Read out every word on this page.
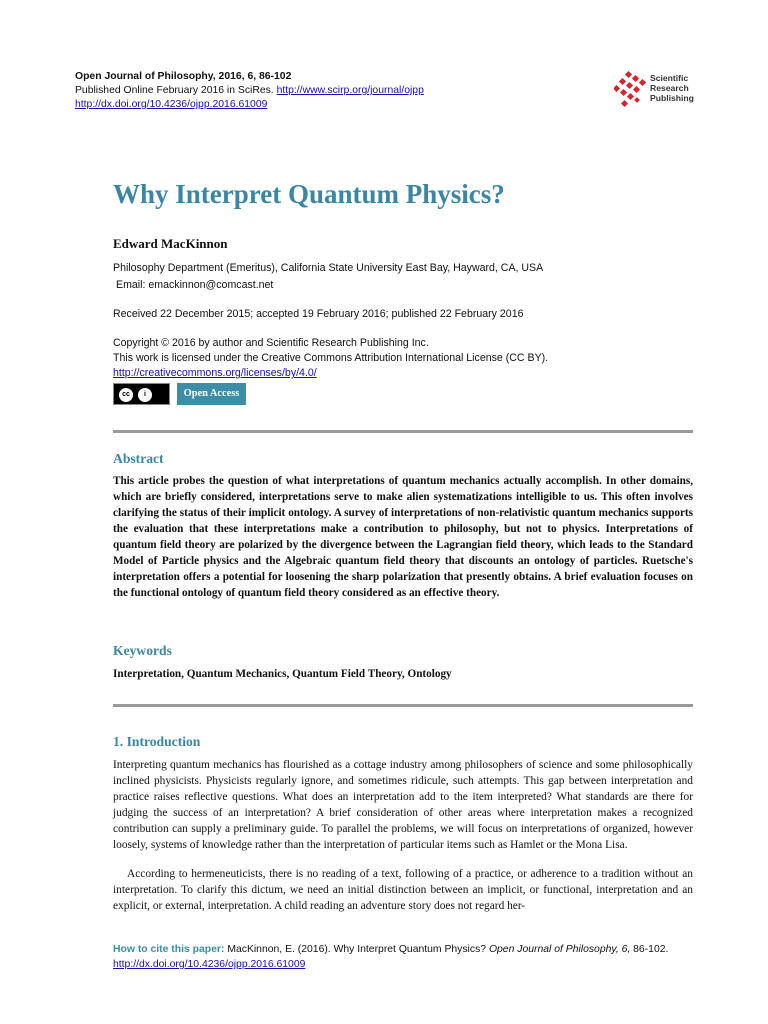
Open Journal of Philosophy, 2016, 6, 86-102
Published Online February 2016 in SciRes. http://www.scirp.org/journal/ojpp
http://dx.doi.org/10.4236/ojpp.2016.61009
Scientific
Research
Publishing
Why Interpret Quantum Physics?
Edward MacKinnon
Philosophy Department (Emeritus), California State University East Bay, Hayward, CA, USA
Email: emackinnon@comcast.net
Received 22 December 2015; accepted 19 February 2016; published 22 February 2016
Copyright © 2016 by author and Scientific Research Publishing Inc.
This work is licensed under the Creative Commons Attribution International License (CC BY).
http://creativecommons.org/licenses/by/4.0/
cc	i	Open Access
Abstract

This article probes the question of what interpretations of quantum mechanics actually accomplish. In other domains, which are briefly considered, interpretations serve to make alien systematizations intelligible to us. This often involves clarifying the status of their implicit ontology. A survey of interpretations of non-relativistic quantum mechanics supports the evaluation that these interpretations make a contribution to philosophy, but not to physics. Interpretations of quantum field theory are polarized by the divergence between the Lagrangian field theory, which leads to the Standard Model of Particle physics and the Algebraic quantum field theory that discounts an ontology of particles. Ruetsche's interpretation offers a potential for loosening the sharp polarization that presently obtains. A brief evaluation focuses on the functional ontology of quantum field theory considered as an effective theory.

Keywords

Interpretation, Quantum Mechanics, Quantum Field Theory, Ontology

1. Introduction

Interpreting quantum mechanics has flourished as a cottage industry among philosophers of science and some philosophically inclined physicists. Physicists regularly ignore, and sometimes ridicule, such attempts. This gap between interpretation and practice raises reflective questions. What does an interpretation add to the item interpreted? What standards are there for judging the success of an interpretation? A brief consideration of other areas where interpretation makes a recognized contribution can supply a preliminary guide. To parallel the problems, we will focus on interpretations of organized, however loosely, systems of knowledge rather than the interpretation of particular items such as Hamlet or the Mona Lisa.

According to hermeneuticists, there is no reading of a text, following of a practice, or adherence to a tradition without an interpretation. To clarify this dictum, we need an initial distinction between an implicit, or functional, interpretation and an explicit, or external, interpretation. A child reading an adventure story does not regard her-

How to cite this paper: MacKinnon, E. (2016). Why Interpret Quantum Physics? Open Journal of Philosophy, 6, 86-102.
http://dx.doi.org/10.4236/ojpp.2016.61009
